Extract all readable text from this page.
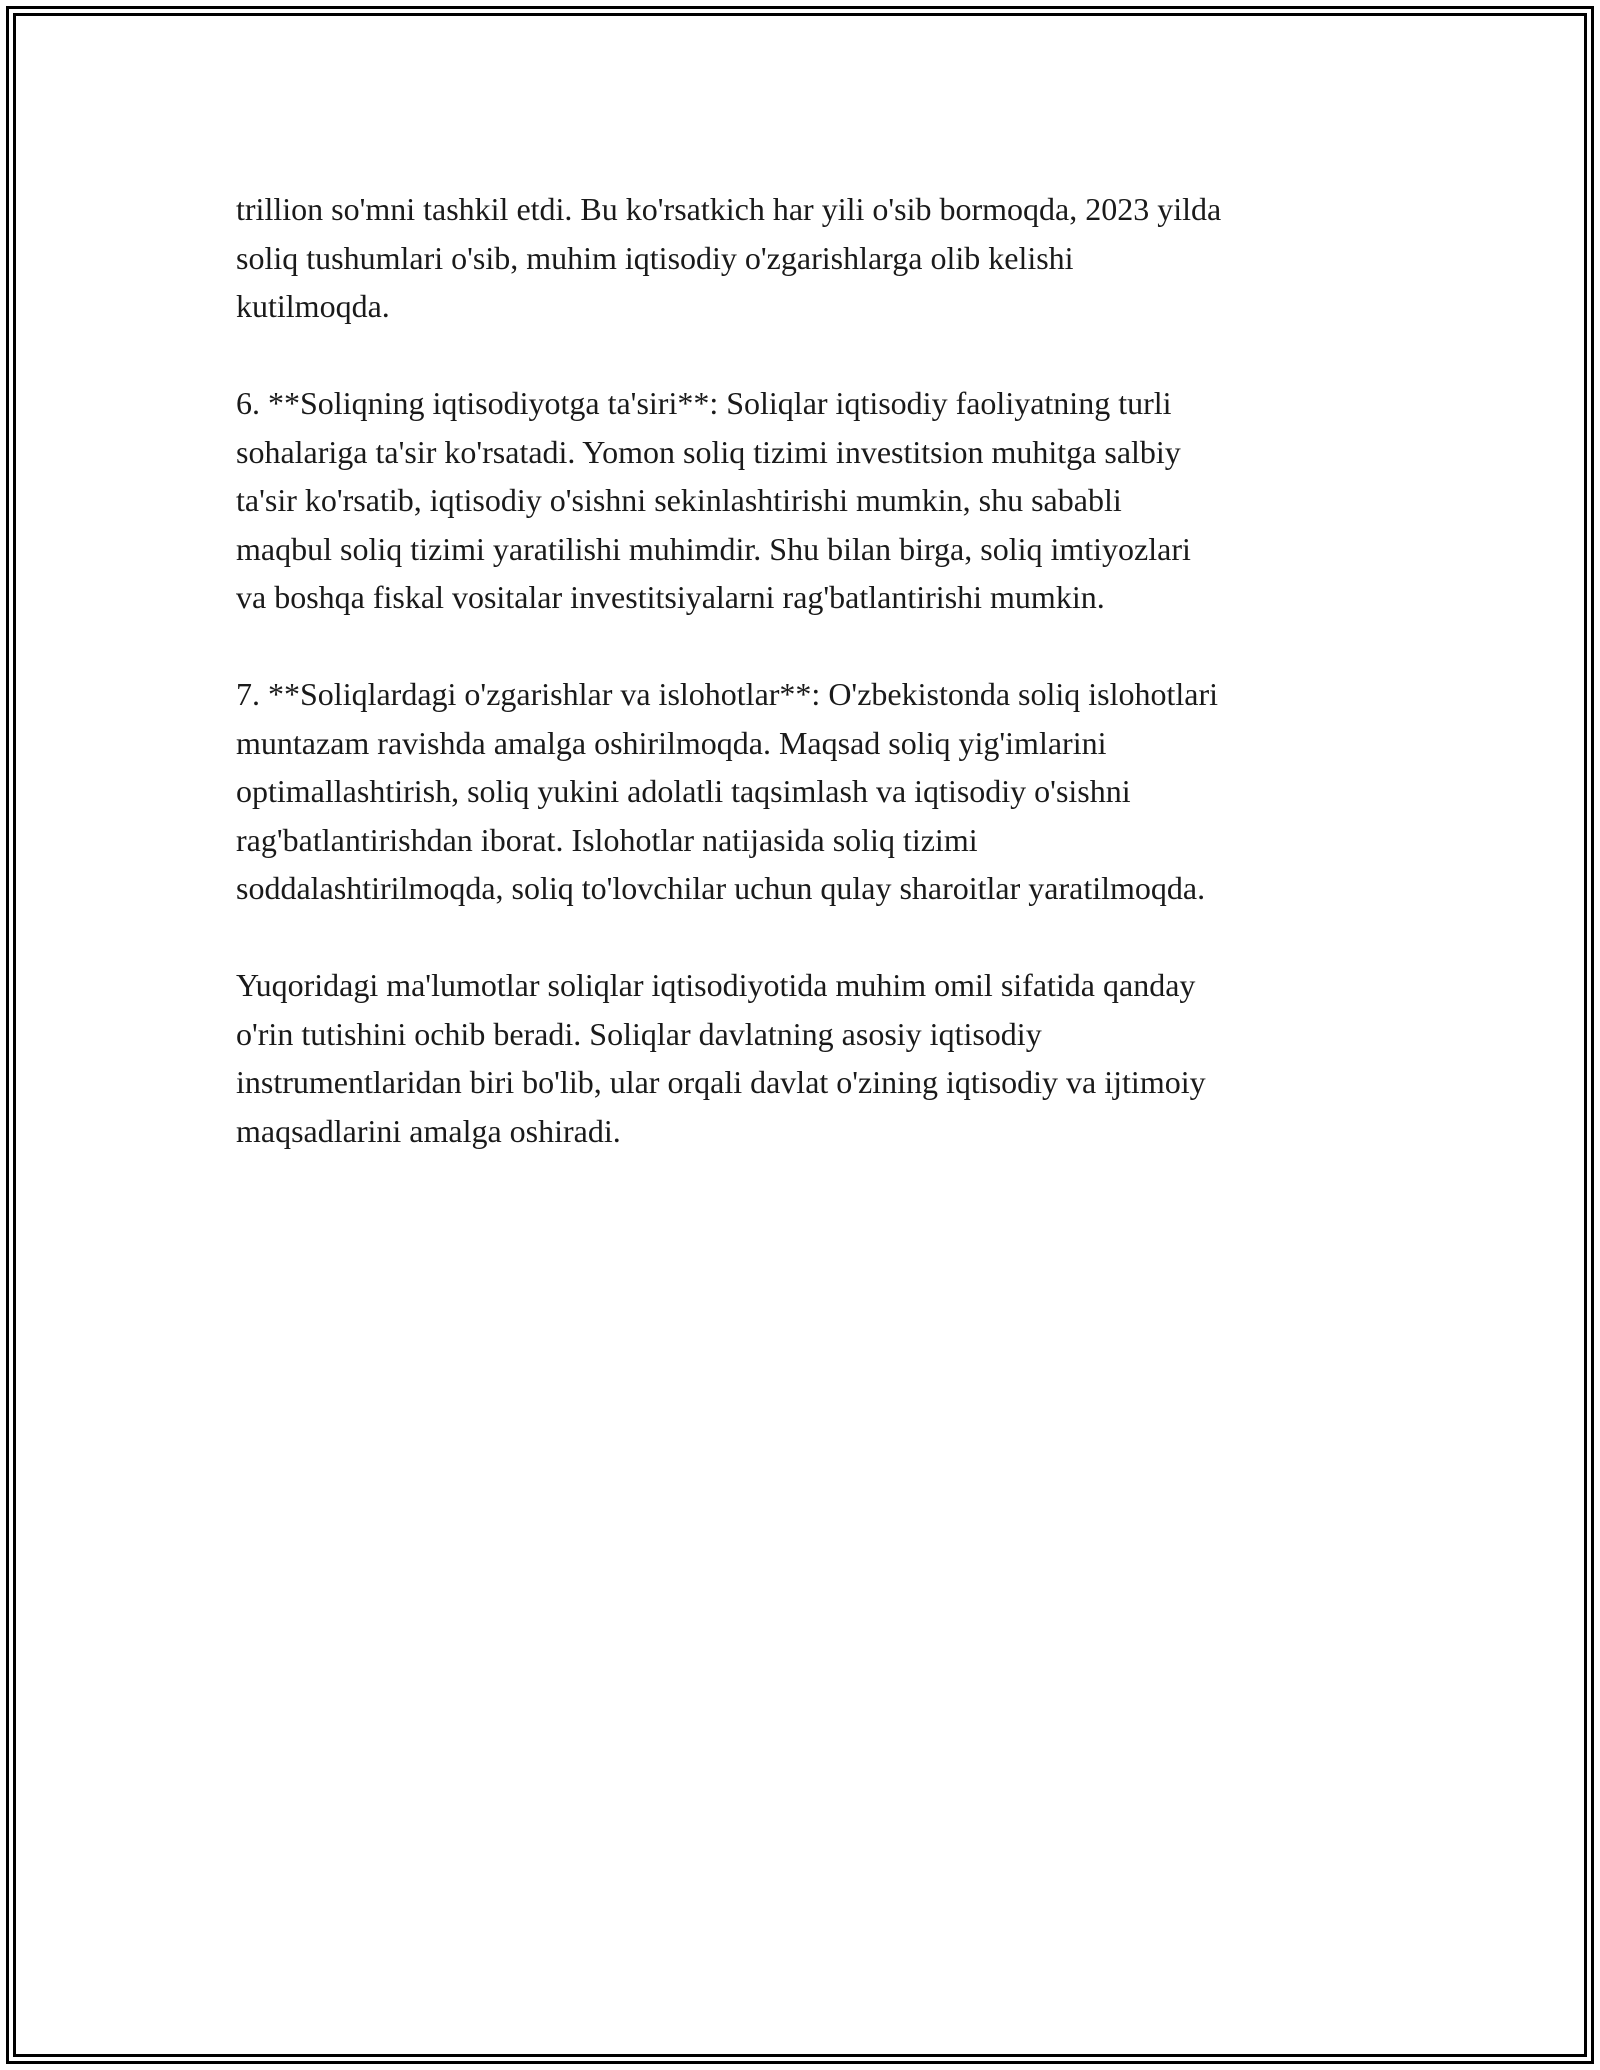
trillion so'mni tashkil etdi. Bu ko'rsatkich har yili o'sib bormoqda, 2023 yilda
soliq tushumlari o'sib, muhim iqtisodiy o'zgarishlarga olib kelishi
kutilmoqda.

6. **Soliqning iqtisodiyotga ta'siri**: Soliqlar iqtisodiy faoliyatning turli
sohalariga ta'sir ko'rsatadi. Yomon soliq tizimi investitsion muhitga salbiy
ta'sir ko'rsatib, iqtisodiy o'sishni sekinlashtirishi mumkin, shu sababli
maqbul soliq tizimi yaratilishi muhimdir. Shu bilan birga, soliq imtiyozlari
va boshqa fiskal vositalar investitsiyalarni rag'batlantirishi mumkin.

7. **Soliqlardagi o'zgarishlar va islohotlar**: O'zbekistonda soliq islohotlari
muntazam ravishda amalga oshirilmoqda. Maqsad soliq yig'imlarini
optimallashtirish, soliq yukini adolatli taqsimlash va iqtisodiy o'sishni
rag'batlantirishdan iborat. Islohotlar natijasida soliq tizimi
soddalashtirilmoqda, soliq to'lovchilar uchun qulay sharoitlar yaratilmoqda.

Yuqoridagi ma'lumotlar soliqlar iqtisodiyotida muhim omil sifatida qanday
o'rin tutishini ochib beradi. Soliqlar davlatning asosiy iqtisodiy
instrumentlaridan biri bo'lib, ular orqali davlat o'zining iqtisodiy va ijtimoiy
maqsadlarini amalga oshiradi.
